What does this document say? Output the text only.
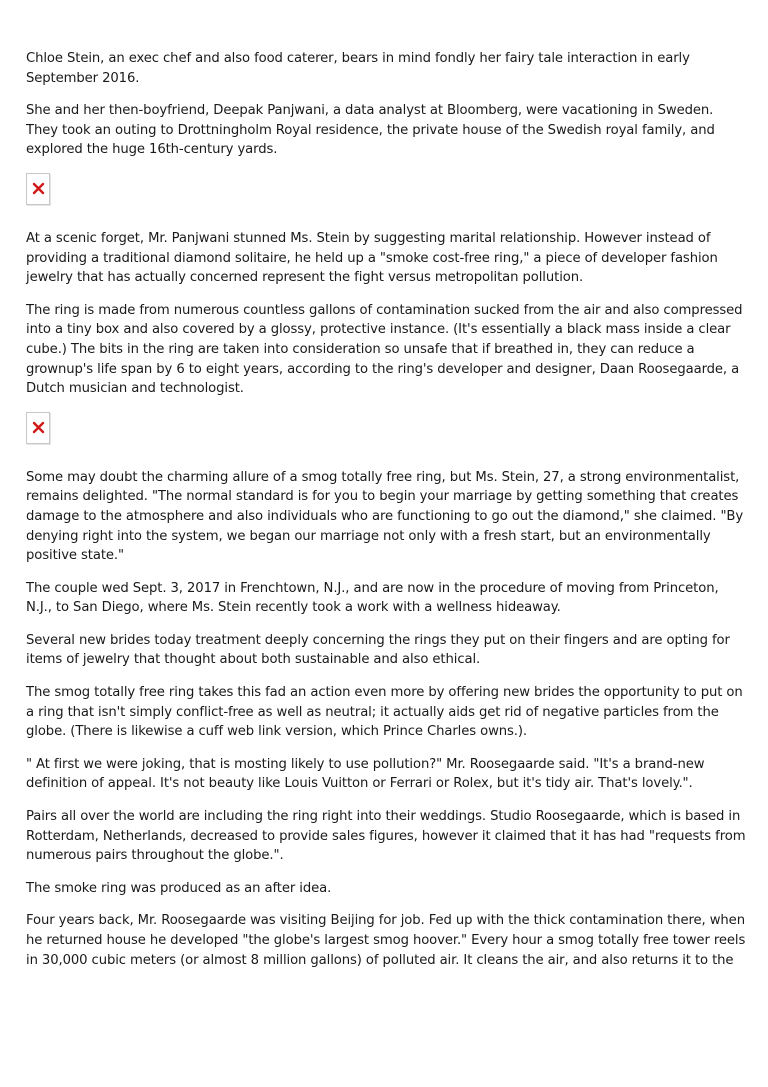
Chloe Stein, an exec chef and also food caterer, bears in mind fondly her fairy tale interaction in early September 2016.

She and her then-boyfriend, Deepak Panjwani, a data analyst at Bloomberg, were vacationing in Sweden. They took an outing to Drottningholm Royal residence, the private house of the Swedish royal family, and explored the huge 16th-century yards.

At a scenic forget, Mr. Panjwani stunned Ms. Stein by suggesting marital relationship. However instead of providing a traditional diamond solitaire, he held up a "smoke cost-free ring," a piece of developer fashion jewelry that has actually concerned represent the fight versus metropolitan pollution.

The ring is made from numerous countless gallons of contamination sucked from the air and also compressed into a tiny box and also covered by a glossy, protective instance. (It's essentially a black mass inside a clear cube.) The bits in the ring are taken into consideration so unsafe that if breathed in, they can reduce a grownup's life span by 6 to eight years, according to the ring's developer and designer, Daan Roosegaarde, a Dutch musician and technologist.

Some may doubt the charming allure of a smog totally free ring, but Ms. Stein, 27, a strong environmentalist, remains delighted. "The normal standard is for you to begin your marriage by getting something that creates damage to the atmosphere and also individuals who are functioning to go out the diamond," she claimed. "By denying right into the system, we began our marriage not only with a fresh start, but an environmentally positive state."

The couple wed Sept. 3, 2017 in Frenchtown, N.J., and are now in the procedure of moving from Princeton, N.J., to San Diego, where Ms. Stein recently took a work with a wellness hideaway.

Several new brides today treatment deeply concerning the rings they put on their fingers and are opting for items of jewelry that thought about both sustainable and also ethical.

The smog totally free ring takes this fad an action even more by offering new brides the opportunity to put on a ring that isn't simply conflict-free as well as neutral; it actually aids get rid of negative particles from the globe. (There is likewise a cuff web link version, which Prince Charles owns.).

" At first we were joking, that is mosting likely to use pollution?" Mr. Roosegaarde said. "It's a brand-new definition of appeal. It's not beauty like Louis Vuitton or Ferrari or Rolex, but it's tidy air. That's lovely.".

Pairs all over the world are including the ring right into their weddings. Studio Roosegaarde, which is based in Rotterdam, Netherlands, decreased to provide sales figures, however it claimed that it has had "requests from numerous pairs throughout the globe.".

The smoke ring was produced as an after idea.

Four years back, Mr. Roosegaarde was visiting Beijing for job. Fed up with the thick contamination there, when he returned house he developed "the globe's largest smog hoover." Every hour a smog totally free tower reels in 30,000 cubic meters (or almost 8 million gallons) of polluted air. It cleans the air, and also returns it to the
